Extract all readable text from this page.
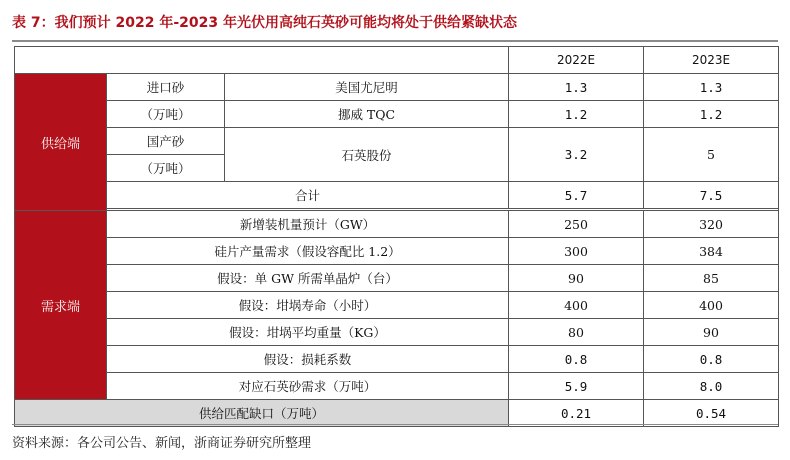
表 7：我们预计 2022 年-2023 年光伏用高纯石英砂可能均将处于供给紧缺状态
			2022E	2023E
供给端	进口砂	美国尤尼明	1.3	1.3
	（万吨）	挪威 TQC	1.2	1.2
	国产砂	石英股份	3.2	5
	（万吨）			
	合计		5.7	7.5

需求端	新增装机量预计（GW）		250	320
	硅片产量需求（假设容配比 1.2）		300	384
	假设：单 GW 所需单晶炉（台）		90	85
	假设：坩埚寿命（小时）		400	400
	假设：坩埚平均重量（KG）		80	90
	假设：损耗系数		0.8	0.8
	对应石英砂需求（万吨）		5.9	8.0
供给匹配缺口（万吨）			0.21	0.54
资料来源：各公司公告、新闻，浙商证券研究所整理
